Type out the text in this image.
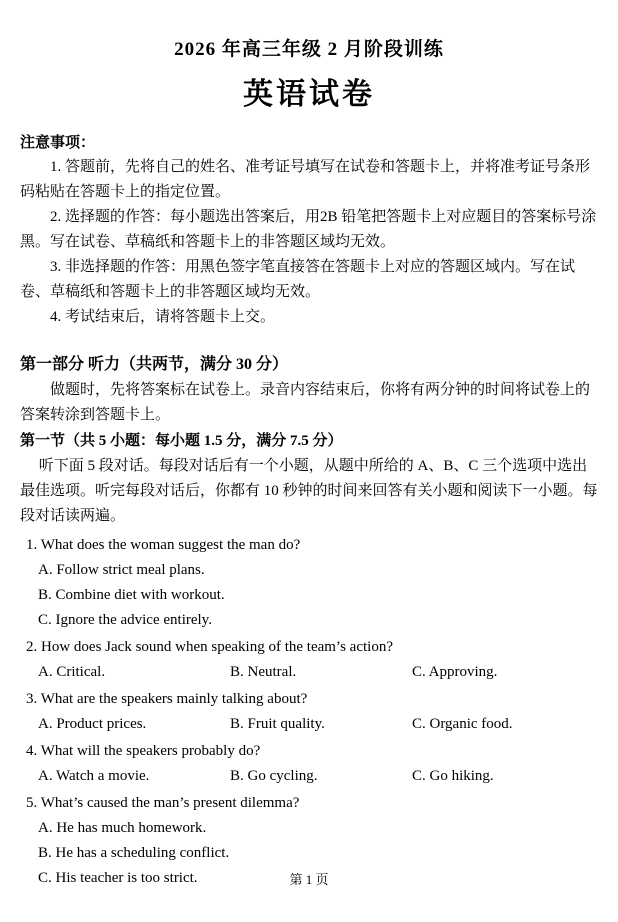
2026 年高三年级 2 月阶段训练
英语试卷

注意事项：

1. 答题前，先将自己的姓名、准考证号填写在试卷和答题卡上，并将准考证号条形码粘贴在答题卡上的指定位置。

2. 选择题的作答：每小题选出答案后，用2B 铅笔把答题卡上对应题目的答案标号涂黑。写在试卷、草稿纸和答题卡上的非答题区域均无效。

3. 非选择题的作答：用黑色签字笔直接答在答题卡上对应的答题区域内。写在试卷、草稿纸和答题卡上的非答题区域均无效。

4. 考试结束后，请将答题卡上交。

第一部分 听力（共两节，满分 30 分）

做题时，先将答案标在试卷上。录音内容结束后，你将有两分钟的时间将试卷上的答案转涂到答题卡上。

第一节（共 5 小题：每小题 1.5 分，满分 7.5 分）

听下面 5 段对话。每段对话后有一个小题，从题中所给的 A、B、C 三个选项中选出最佳选项。听完每段对话后，你都有 10 秒钟的时间来回答有关小题和阅读下一小题。每段对话读两遍。

1. What does the woman suggest the man do?
A. Follow strict meal plans.
B. Combine diet with workout.
C. Ignore the advice entirely.
2. How does Jack sound when speaking of the team’s action?
A. Critical.	B. Neutral.	C. Approving.
3. What are the speakers mainly talking about?
A. Product prices.	B. Fruit quality.	C. Organic food.
4. What will the speakers probably do?
A. Watch a movie.	B. Go cycling.	C. Go hiking.
5. What’s caused the man’s present dilemma?
A. He has much homework.
B. He has a scheduling conflict.
C. His teacher is too strict.	第 1 页
